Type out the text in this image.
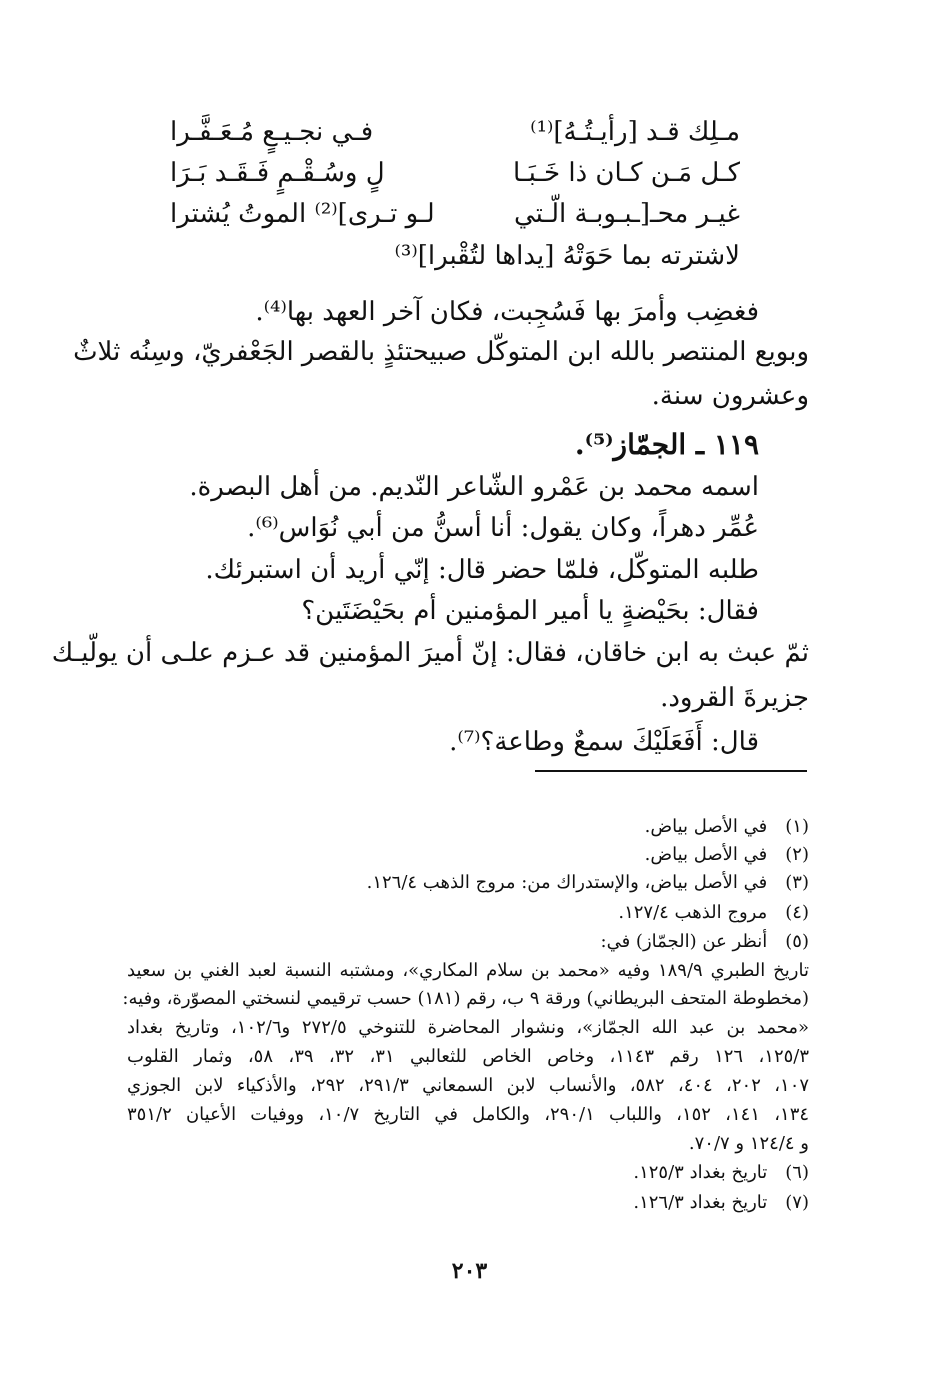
مـلِك قـد [رأيـتُـهُ]⁽¹⁾
فـي نجـيـعٍ مُـعَـفَّـرا
كـل مَـن كـان ذا خَـبَـا
لٍ وسُـقْـمٍ فَـقَـد بَـرَا
غيـر محـ[ـبـوبـة الّـتي
لـو تـرى]⁽²⁾ الموتُ يُشترا
لاشترته بما حَوَتْهُ [يداها لتُقْبرا]⁽³⁾
فغضِب وأمرَ بها فَسُجِبت، فكان آخر العهد بها⁽⁴⁾.
وبويع المنتصر بالله ابن المتوكّل صبيحتئذٍ بالقصر الجَعْفريّ، وسِنُه ثلاثٌ
وعشرون سنة.
١١٩ ـ الجمّاز⁽⁵⁾.
اسمه محمد بن عَمْرو الشّاعر النّديم. من أهل البصرة.
عُمِّر دهراً، وكان يقول: أنا أسنُّ من أبي نُوَاس⁽⁶⁾.
طلبه المتوكّل، فلمّا حضر قال: إنّي أريد أن استبرئك.
فقال: بحَيْضةٍ يا أمير المؤمنين أم بحَيْضَتَين؟
ثمّ عبث به ابن خاقان، فقال: إنّ أميرَ المؤمنين قد عـزم علـى أن يولّيـك
جزيرةَ القرود.
قال: أَفَعَلَيْكَ سمعٌ وطاعة؟⁽⁷⁾.
(١) في الأصل بياض.
(٢) في الأصل بياض.
(٣) في الأصل بياض، والإستدراك من: مروج الذهب ١٢٦/٤.
(٤) مروج الذهب ١٢٧/٤.
(٥) أنظر عن (الجمّاز) في:
تاريخ الطبري ١٨٩/٩ وفيه «محمد بن سلام المكاري»، ومشتبه النسبة لعبد الغني بن سعيد
(مخطوطة المتحف البريطاني) ورقة ٩ ب، رقم (١٨١) حسب ترقيمي لنسختي المصوّرة، وفيه:
«محمد بن عبد الله الجمّاز»، ونشوار المحاضرة للتنوخي ٢٧٢/٥ و١٠٢/٦، وتاريخ بغداد
١٢٥/٣، ١٢٦ رقم ١١٤٣، وخاص الخاص للثعالبي ٣١، ٣٢، ٣٩، ٥٨، وثمار القلوب
١٠٧، ٢٠٢، ٤٠٤، ٥٨٢، والأنساب لابن السمعاني ٢٩١/٣، ٢٩٢، والأذكياء لابن الجوزي
١٣٤، ١٤١، ١٥٢، واللباب ٢٩٠/١، والكامل في التاريخ ١٠/٧، ووفيات الأعيان ٣٥١/٢
و ١٢٤/٤ و ٧٠/٧.
(٦) تاريخ بغداد ١٢٥/٣.
(٧) تاريخ بغداد ١٢٦/٣.
٢٠٣
